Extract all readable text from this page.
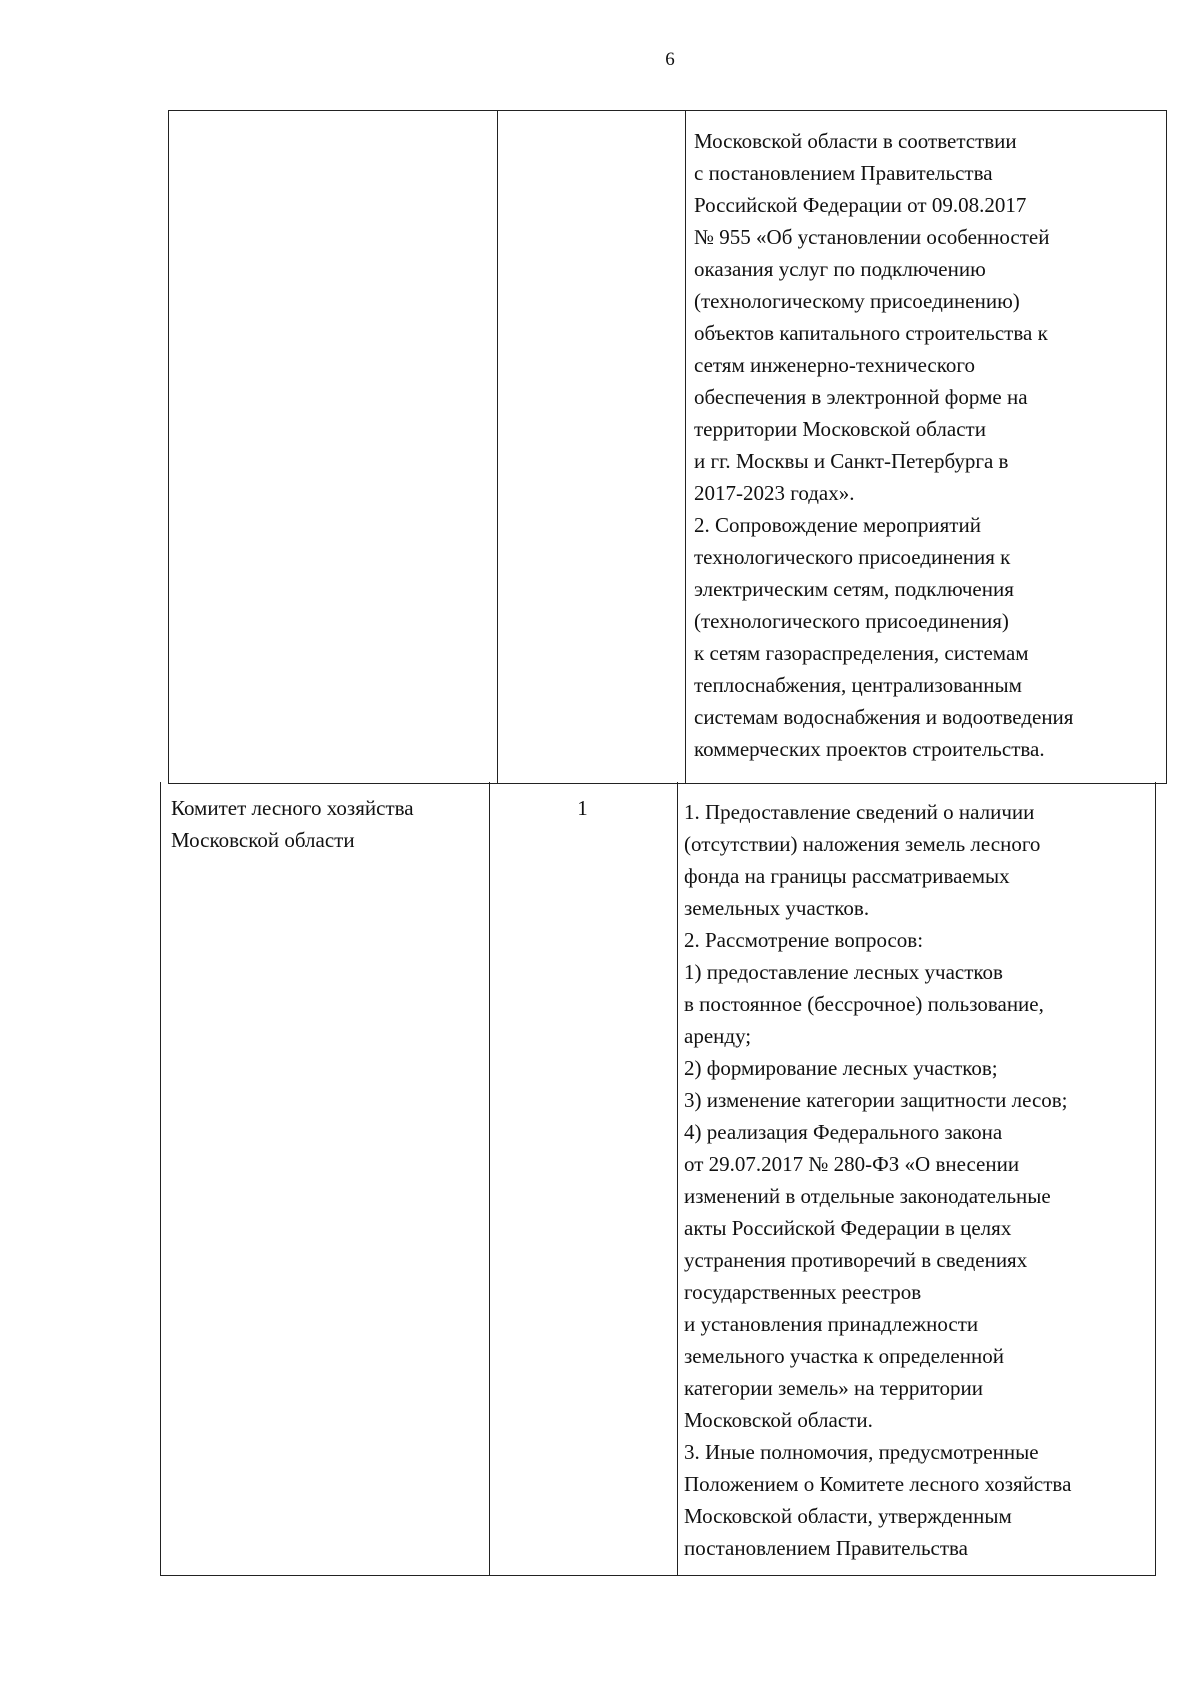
6
Московской области в соответствии
с постановлением Правительства
Российской Федерации от 09.08.2017
№ 955 «Об установлении особенностей
оказания услуг по подключению
(технологическому присоединению)
объектов капитального строительства к
сетям инженерно-технического
обеспечения в электронной форме на
территории Московской области
и гг. Москвы и Санкт-Петербурга в
2017-2023 годах».
2. Сопровождение мероприятий
технологического присоединения к
электрическим сетям, подключения
(технологического присоединения)
к сетям газораспределения, системам
теплоснабжения, централизованным
системам водоснабжения и водоотведения
коммерческих проектов строительства.
Комитет лесного хозяйства
Московской области
1	1. Предоставление сведений о наличии
(отсутствии) наложения земель лесного
фонда на границы рассматриваемых
земельных участков.
2. Рассмотрение вопросов:
1) предоставление лесных участков
в постоянное (бессрочное) пользование,
аренду;
2) формирование лесных участков;
3) изменение категории защитности лесов;
4) реализация Федерального закона
от 29.07.2017 № 280-ФЗ «О внесении
изменений в отдельные законодательные
акты Российской Федерации в целях
устранения противоречий в сведениях
государственных реестров
и установления принадлежности
земельного участка к определенной
категории земель» на территории
Московской области.
3. Иные полномочия, предусмотренные
Положением о Комитете лесного хозяйства
Московской области, утвержденным
постановлением Правительства
